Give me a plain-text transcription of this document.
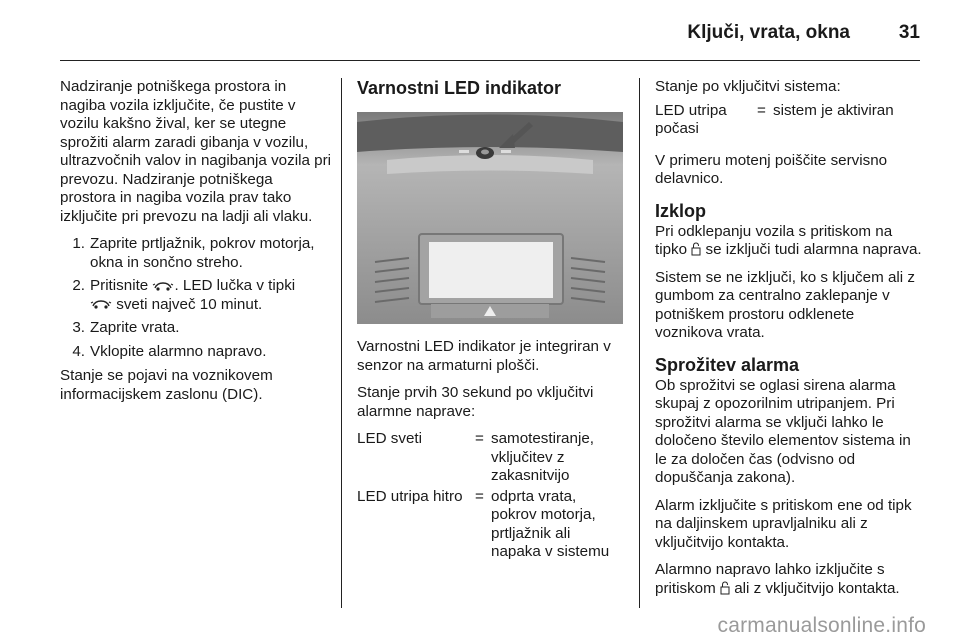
Ključi, vrata, okna	31

Nadziranje potniškega prostora in nagiba vozila izključite, če pustite v vozilu kakšno žival, ker se utegne sprožiti alarm zaradi gibanja v vozilu, ultrazvočnih valov in nagibanja vozila pri prevozu. Nadziranje potniškega prostora in nagiba vozila prav tako izključite pri prevozu na ladji ali vlaku.

1. Zaprite prtljažnik, pokrov motorja, okna in sončno streho.
2. Pritisnite . LED lučka v tipki
sveti največ 10 minut.
3. Zaprite vrata.
4. Vklopite alarmno napravo.

Stanje se pojavi na voznikovem informacijskem zaslonu (DIC).

Varnostni LED indikator

Varnostni LED indikator je integriran v senzor na armaturni plošči.

Stanje prvih 30 sekund po vključitvi alarmne naprave:

LED sveti	=	samotestiranje, vključitev z zakasnitvijo
LED utripa hitro	=	odprta vrata, pokrov motorja, prtljažnik ali napaka v sistemu

Stanje po vključitvi sistema:

LED utripa počasi	=	sistem je aktiviran

V primeru motenj poiščite servisno delavnico.

Izklop

Pri odklepanju vozila s pritiskom na tipko  se izključi tudi alarmna naprava.

Sistem se ne izključi, ko s ključem ali z gumbom za centralno zaklepanje v potniškem prostoru odklenete voznikova vrata.

Sprožitev alarma

Ob sprožitvi se oglasi sirena alarma skupaj z opozorilnim utripanjem. Pri sprožitvi alarma se vključi lahko le določeno število elementov sistema in le za določen čas (odvisno od dopuščanja zakona).

Alarm izključite s pritiskom ene od tipk na daljinskem upravljalniku ali z vključitvijo kontakta.

Alarmno napravo lahko izključite s pritiskom  ali z vključitvijo kontakta.

carmanualsonline.info
